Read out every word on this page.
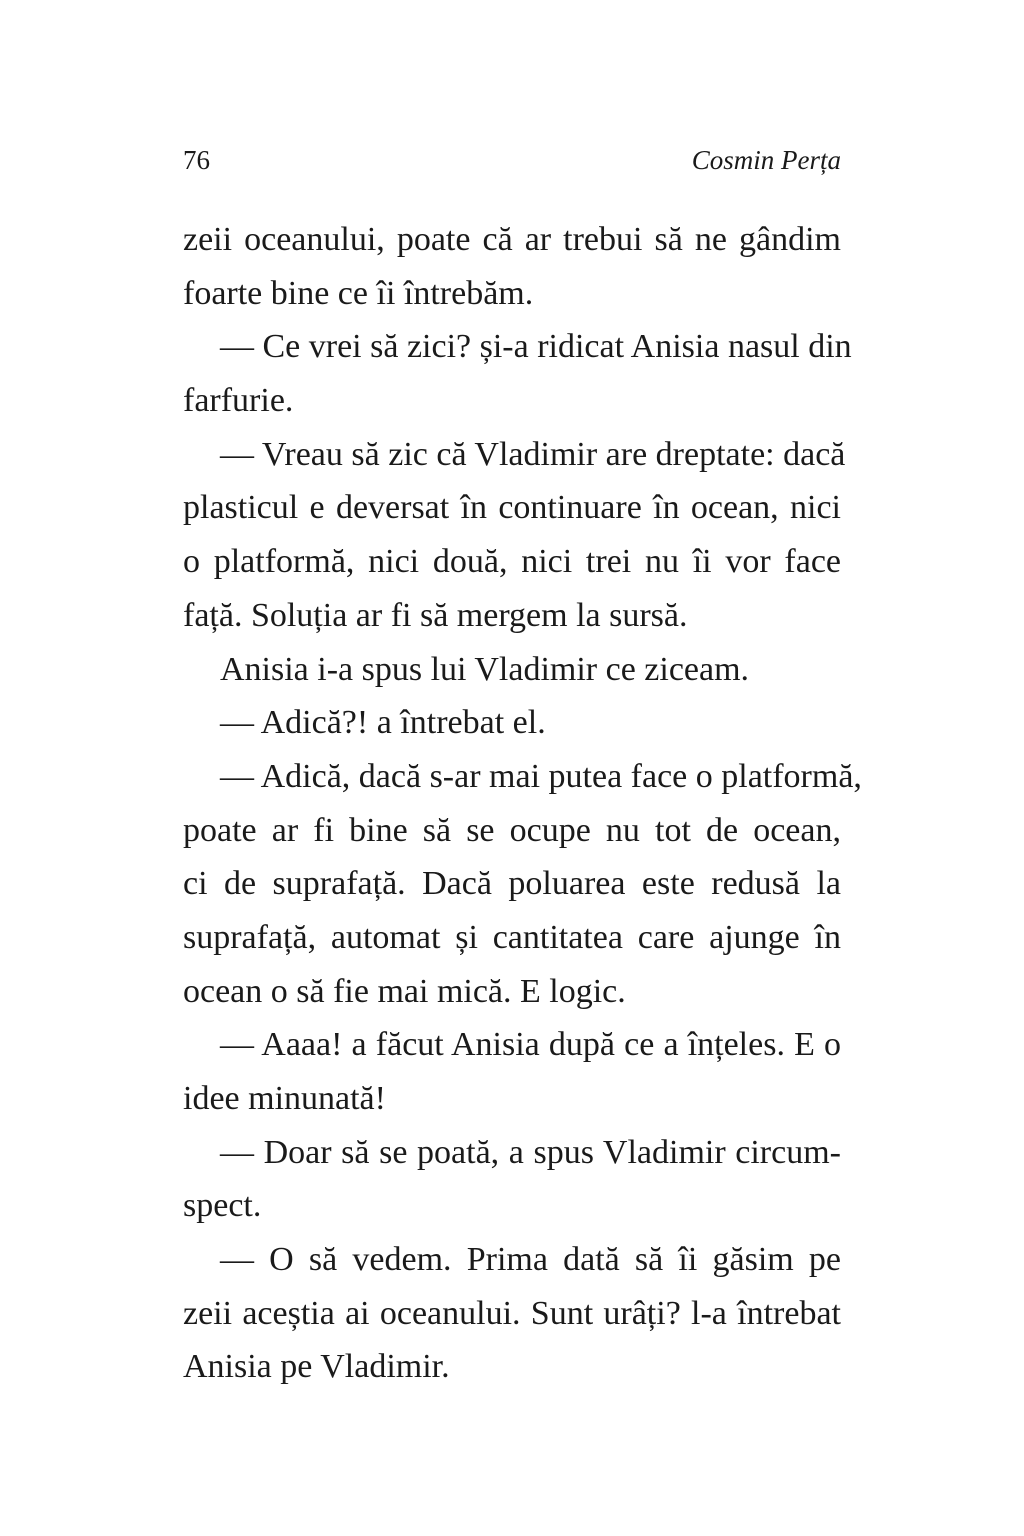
76	Cosmin Perța
zeii oceanului, poate că ar trebui să ne gândim
foarte bine ce îi întrebăm.
— Ce vrei să zici? și-a ridicat Anisia nasul din
farfurie.
— Vreau să zic că Vladimir are dreptate: dacă
plasticul e deversat în continuare în ocean, nici
o platformă, nici două, nici trei nu îi vor face
față. Soluția ar fi să mergem la sursă.
Anisia i-a spus lui Vladimir ce ziceam.
— Adică?! a întrebat el.
— Adică, dacă s-ar mai putea face o platformă,
poate ar fi bine să se ocupe nu tot de ocean,
ci de suprafață. Dacă poluarea este redusă la
suprafață, automat și cantitatea care ajunge în
ocean o să fie mai mică. E logic.
— Aaaa! a făcut Anisia după ce a înțeles. E o
idee minunată!
— Doar să se poată, a spus Vladimir circum-
spect.
— O să vedem. Prima dată să îi găsim pe
zeii aceștia ai oceanului. Sunt urâți? l-a întrebat
Anisia pe Vladimir.
